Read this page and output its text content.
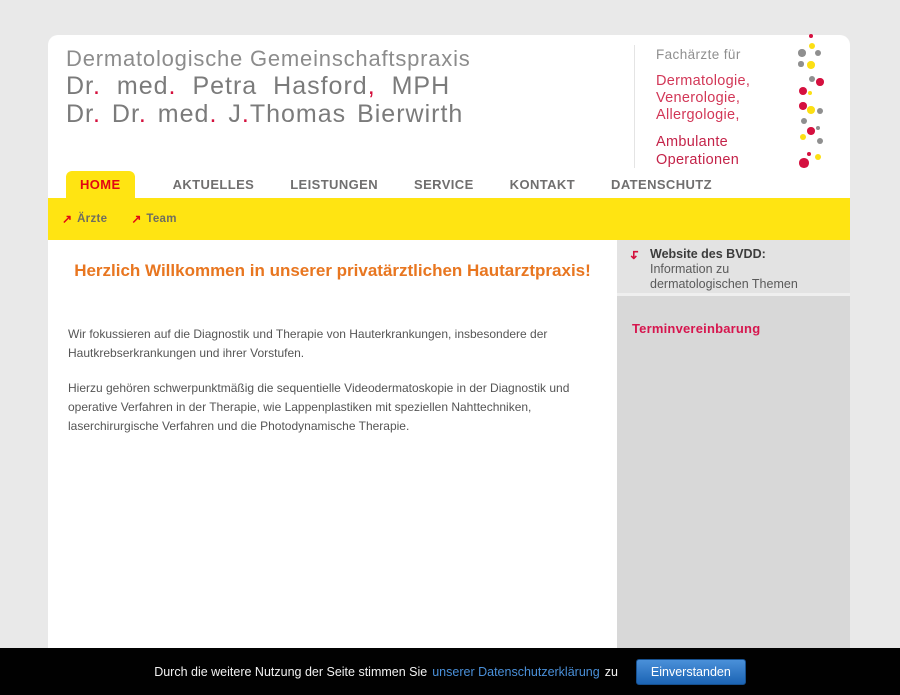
Dermatologische Gemeinschaftspraxis
Dr. med. Petra Hasford, MPH
Dr. Dr. med. J.Thomas Bierwirth
Fachärzte für
Dermatologie,
Venerologie,
Allergologie,
Ambulante
Operationen
HOME	AKTUELLES	LEISTUNGEN	SERVICE	KONTAKT	DATENSCHUTZ
↗ Ärzte ↗ Team
Herzlich Willkommen in unserer privatärztlichen Hautarztpraxis!

Wir fokussieren auf die Diagnostik und Therapie von Hauterkrankungen, insbesondere der Hautkrebserkrankungen und ihrer Vorstufen.

Hierzu gehören schwerpunktmäßig die sequentielle Videodermatoskopie in der Diagnostik und operative Verfahren in der Therapie, wie Lappenplastiken mit speziellen Nahttechniken, laserchirurgische Verfahren und die Photodynamische Therapie.

↴ Website des BVDD:
Information zu
dermatologischen Themen
Terminvereinbarung
Durch die weitere Nutzung der Seite stimmen Sie unserer Datenschutzerklärung zu	Einverstanden
